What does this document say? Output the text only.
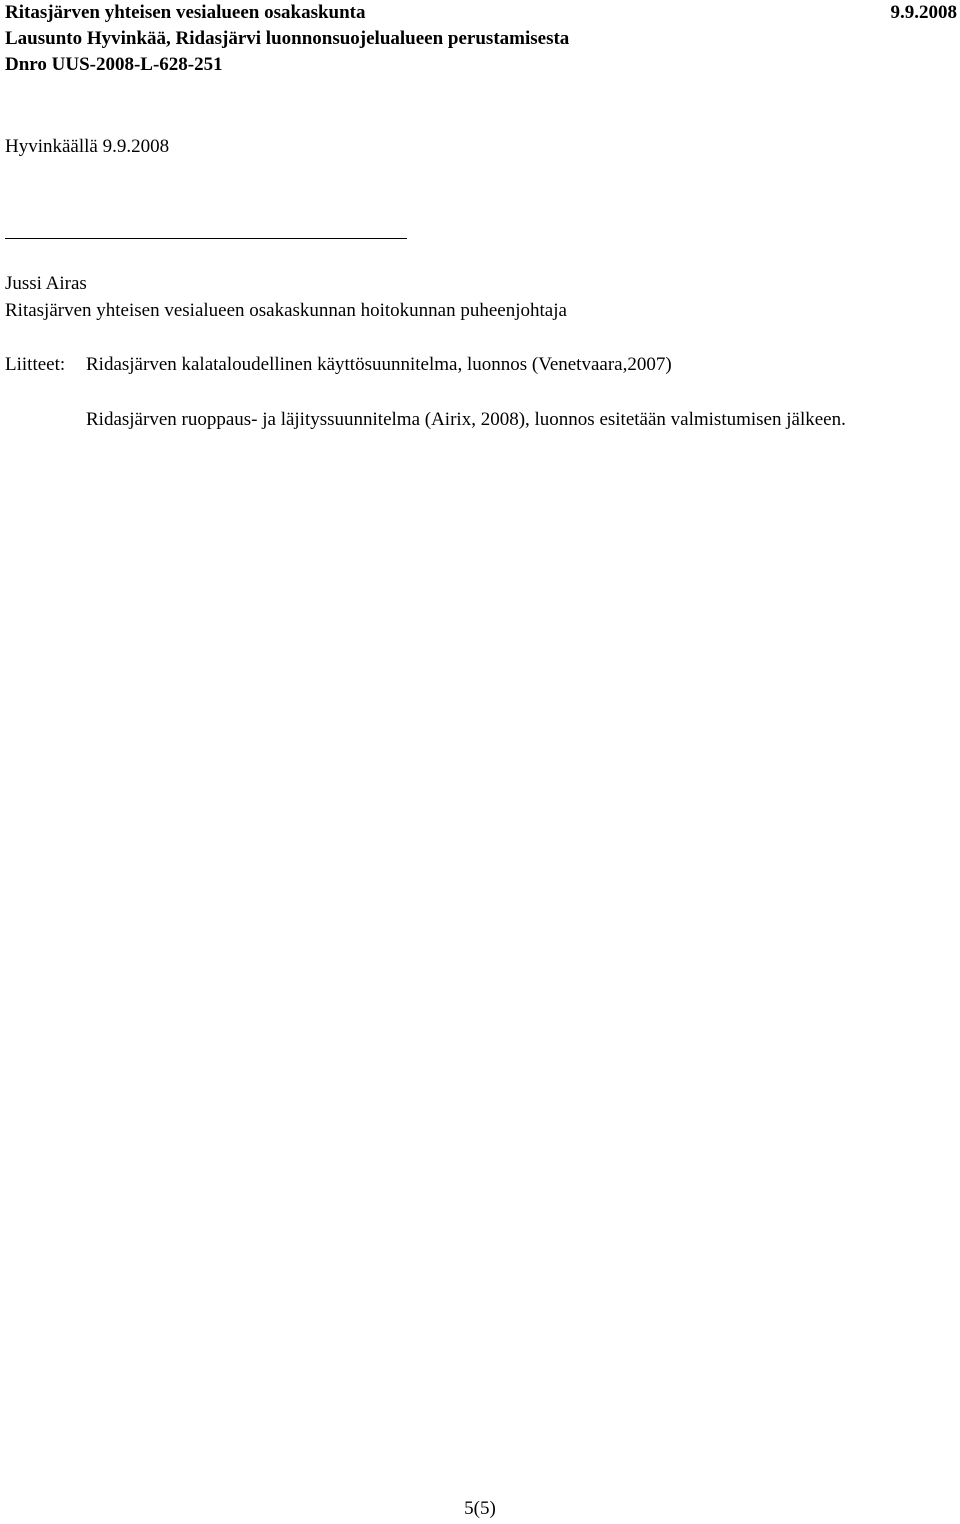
Ritasjärven yhteisen vesialueen osakaskunta	9.9.2008
Lausunto Hyvinkää, Ridasjärvi luonnonsuojelualueen perustamisesta
Dnro UUS-2008-L-628-251
Hyvinkäällä 9.9.2008
Jussi Airas
Ritasjärven yhteisen vesialueen osakaskunnan hoitokunnan puheenjohtaja
Liitteet:	Ridasjärven kalataloudellinen käyttösuunnitelma, luonnos (Venetvaara,2007)
Ridasjärven ruoppaus- ja läjityssuunnitelma (Airix, 2008), luonnos esitetään valmistumisen jälkeen.
5(5)
